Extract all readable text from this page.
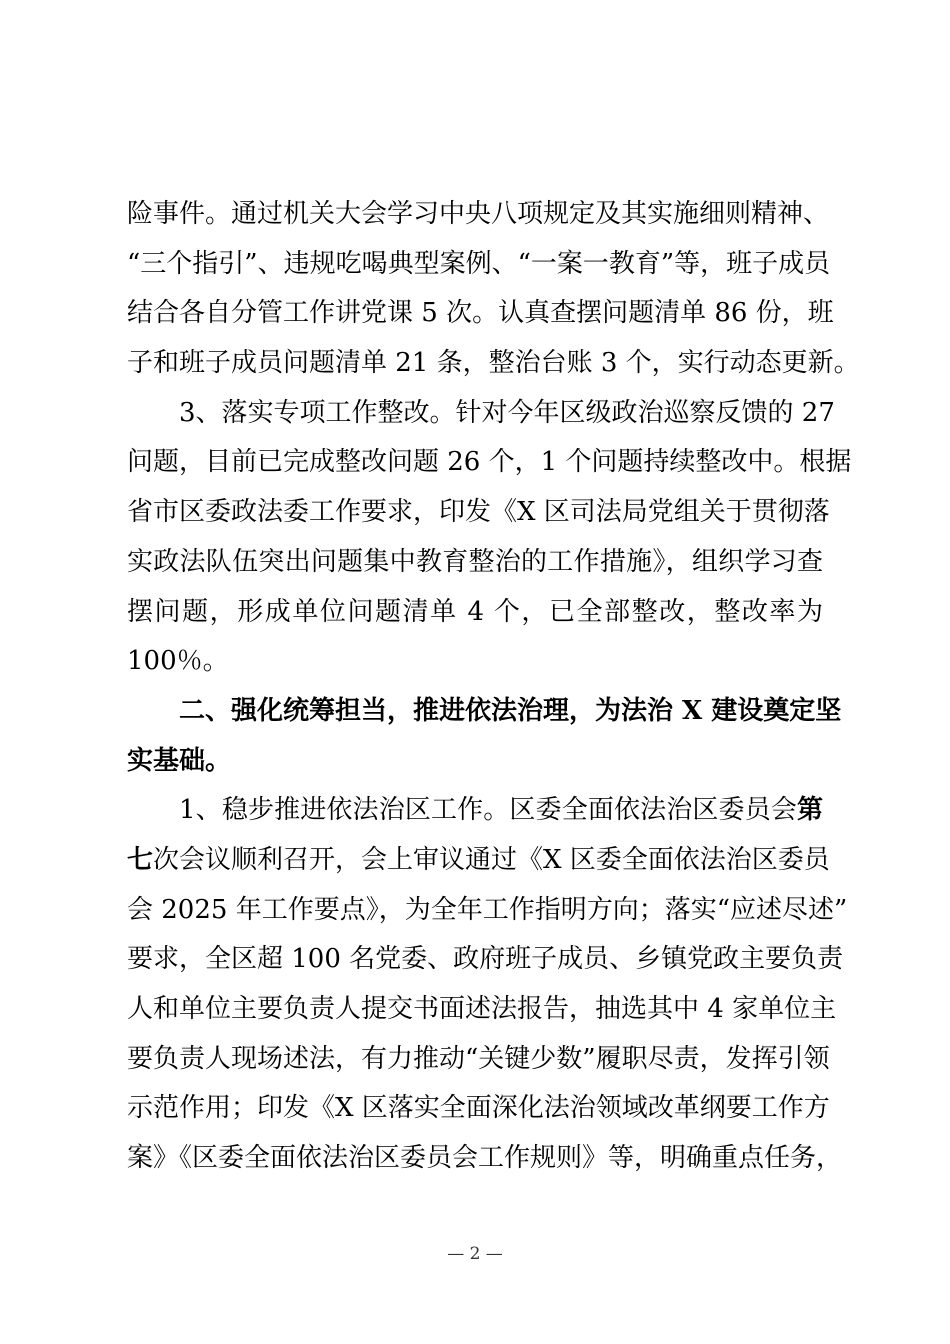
险事件。通过机关大会学习中央八项规定及其实施细则精神、
“三个指引”、违规吃喝典型案例、“一案一教育”等，班子成员
结合各自分管工作讲党课 5 次。认真查摆问题清单 86 份，班
子和班子成员问题清单 21 条，整治台账 3 个，实行动态更新。
3、落实专项工作整改。针对今年区级政治巡察反馈的 27
问题，目前已完成整改问题 26 个，1 个问题持续整改中。根据
省市区委政法委工作要求，印发《X 区司法局党组关于贯彻落
实政法队伍突出问题集中教育整治的工作措施》，组织学习查
摆问题，形成单位问题清单 4 个，已全部整改，整改率为
100％。
二、强化统筹担当，推进依法治理，为法治 X 建设奠定坚
实基础。
1、稳步推进依法治区工作。区委全面依法治区委员会第
七次会议顺利召开，会上审议通过《X 区委全面依法治区委员
会 2025 年工作要点》，为全年工作指明方向；落实“应述尽述”
要求，全区超 100 名党委、政府班子成员、乡镇党政主要负责
人和单位主要负责人提交书面述法报告，抽选其中 4 家单位主
要负责人现场述法，有力推动“关键少数”履职尽责，发挥引领
示范作用；印发《X 区落实全面深化法治领域改革纲要工作方
案》《区委全面依法治区委员会工作规则》等，明确重点任务，
— 2 —
